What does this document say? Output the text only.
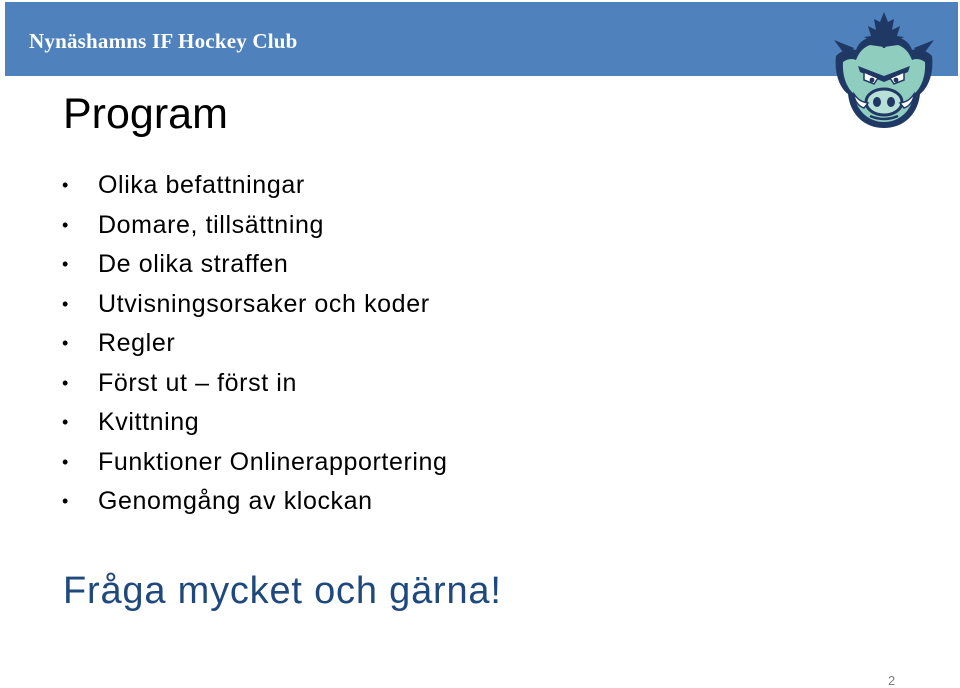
Nynäshamns IF Hockey Club
Program
• Olika befattningar
• Domare, tillsättning
• De olika straffen
• Utvisningsorsaker och koder
• Regler
• Först ut – först in
• Kvittning
• Funktioner Onlinerapportering
• Genomgång av klockan
Fråga mycket och gärna!
2
